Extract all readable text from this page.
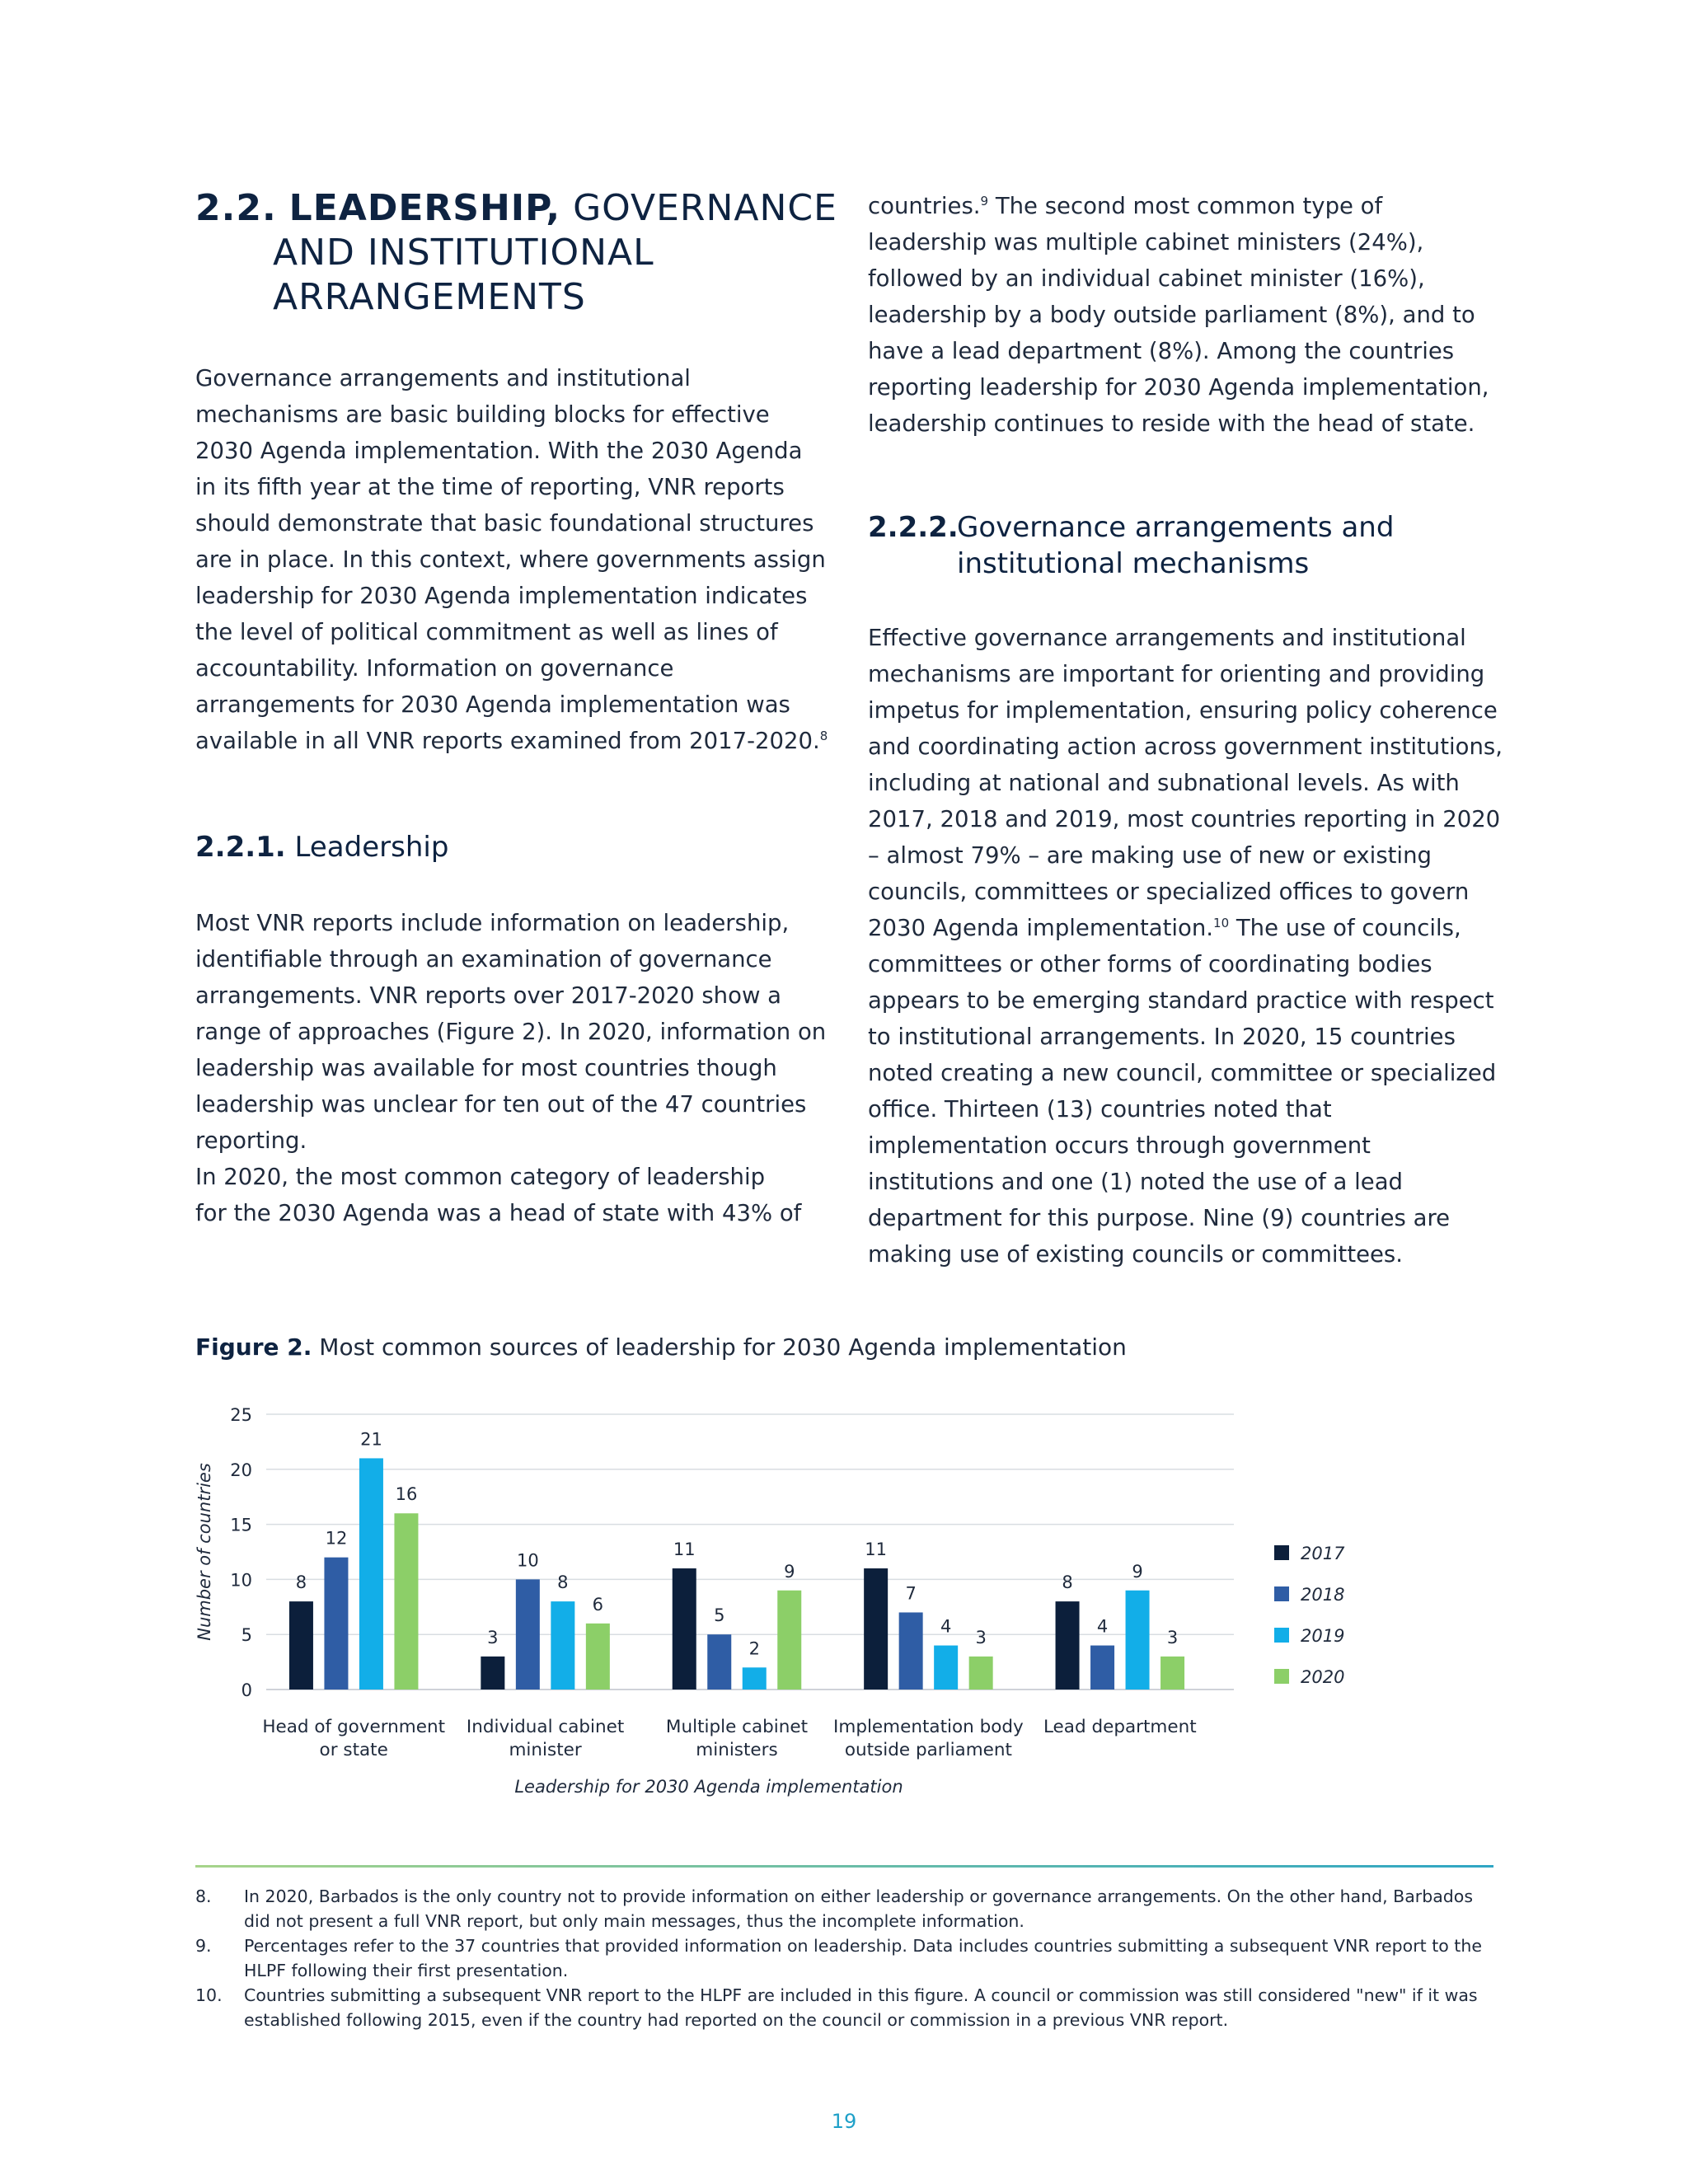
2.2. LEADERSHIP, GOVERNANCE
AND INSTITUTIONAL
ARRANGEMENTS

Governance arrangements and institutional mechanisms are basic building blocks for effective 2030 Agenda implementation. With the 2030 Agenda in its fifth year at the time of reporting, VNR reports should demonstrate that basic foundational structures are in place. In this context, where governments assign leadership for 2030 Agenda implementation indicates the level of political commitment as well as lines of accountability. Information on governance arrangements for 2030 Agenda implementation was available in all VNR reports examined from 2017-2020.$^8$

2.2.1. Leadership

Most VNR reports include information on leadership, identifiable through an examination of governance arrangements. VNR reports over 2017-2020 show a range of approaches (Figure 2). In 2020, information on leadership was available for most countries though leadership was unclear for ten out of the 47 countries reporting.

In 2020, the most common category of leadership
for the 2030 Agenda was a head of state with 43% of

countries.$^9$ The second most common type of leadership was multiple cabinet ministers (24%), followed by an individual cabinet minister (16%), leadership by a body outside parliament (8%), and to have a lead department (8%). Among the countries reporting leadership for 2030 Agenda implementation, leadership continues to reside with the head of state.

2.2.2.Governance arrangements and
institutional mechanisms

Effective governance arrangements and institutional mechanisms are important for orienting and providing impetus for implementation, ensuring policy coherence and coordinating action across government institutions, including at national and subnational levels. As with 2017, 2018 and 2019, most countries reporting in 2020 – almost 79% – are making use of new or existing councils, committees or specialized offices to govern 2030 Agenda implementation.$^{10}$ The use of councils, committees or other forms of coordinating bodies appears to be emerging standard practice with respect to institutional arrangements. In 2020, 15 countries noted creating a new council, committee or specialized office. Thirteen (13) countries noted that implementation occurs through government institutions and one (1) noted the use of a lead department for this purpose. Nine (9) countries are making use of existing councils or committees.

Figure 2. Most common sources of leadership for 2030 Agenda implementation
0
5
10
15
20
25
Number of countries	8
12
21
16
Head of government
or state
3
10
8
6
Individual cabinet
minister
11
5
2
9
Multiple cabinet
ministers
11
7
4
3
Implementation body
outside parliament
8
4
9
3
Lead department
Leadership for 2030 Agenda implementation
2017
2018
2019
2020
8.	In 2020, Barbados is the only country not to provide information on either leadership or governance arrangements. On the other hand, Barbados did not present a full VNR report, but only main messages, thus the incomplete information.
9.	Percentages refer to the 37 countries that provided information on leadership. Data includes countries submitting a subsequent VNR report to the HLPF following their first presentation.
10.	Countries submitting a subsequent VNR report to the HLPF are included in this figure. A council or commission was still considered "new" if it was established following 2015, even if the country had reported on the council or commission in a previous VNR report.
19
